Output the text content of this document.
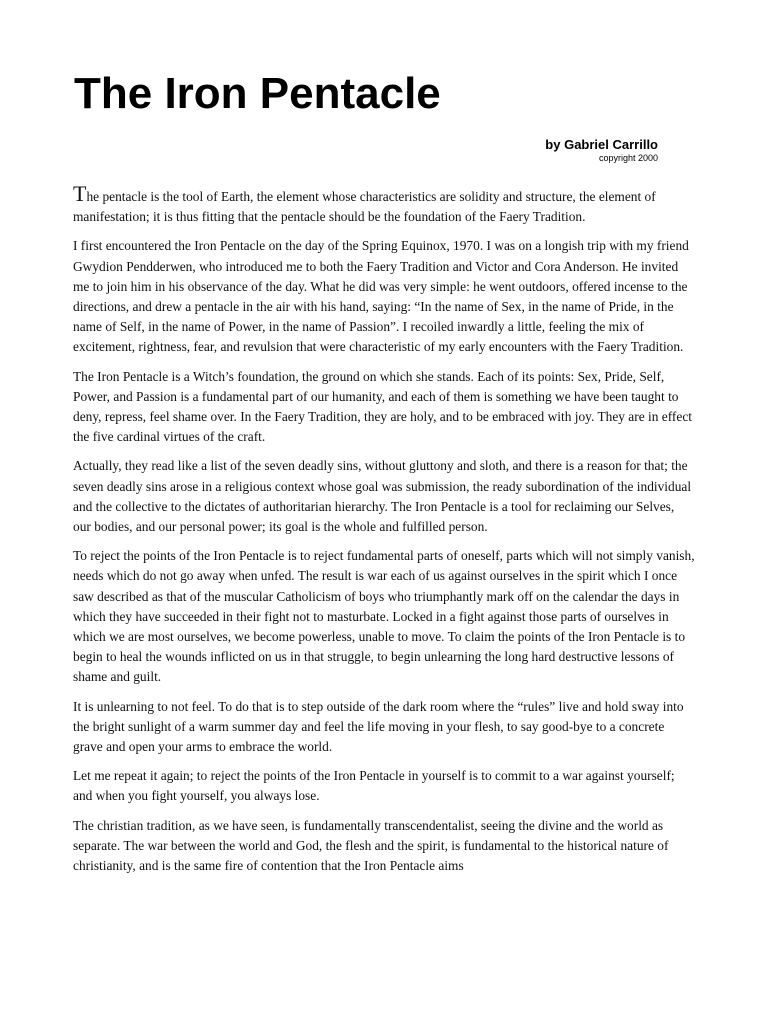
The Iron Pentacle
by Gabriel Carrillo
copyright 2000

The pentacle is the tool of Earth, the element whose characteristics are solidity and structure, the element of manifestation; it is thus fitting that the pentacle should be the foundation of the Faery Tradition.

I first encountered the Iron Pentacle on the day of the Spring Equinox, 1970. I was on a longish trip with my friend Gwydion Pendderwen, who introduced me to both the Faery Tradition and Victor and Cora Anderson. He invited me to join him in his observance of the day. What he did was very simple: he went outdoors, offered incense to the directions, and drew a pentacle in the air with his hand, saying: “In the name of Sex, in the name of Pride, in the name of Self, in the name of Power, in the name of Passion”. I recoiled inwardly a little, feeling the mix of excitement, rightness, fear, and revulsion that were characteristic of my early encounters with the Faery Tradition.

The Iron Pentacle is a Witch’s foundation, the ground on which she stands. Each of its points: Sex, Pride, Self, Power, and Passion is a fundamental part of our humanity, and each of them is something we have been taught to deny, repress, feel shame over. In the Faery Tradition, they are holy, and to be embraced with joy. They are in effect the five cardinal virtues of the craft.

Actually, they read like a list of the seven deadly sins, without gluttony and sloth, and there is a reason for that; the seven deadly sins arose in a religious context whose goal was submission, the ready subordination of the individual and the collective to the dictates of authoritarian hierarchy. The Iron Pentacle is a tool for reclaiming our Selves, our bodies, and our personal power; its goal is the whole and fulfilled person.

To reject the points of the Iron Pentacle is to reject fundamental parts of oneself, parts which will not simply vanish, needs which do not go away when unfed. The result is war each of us against ourselves in the spirit which I once saw described as that of the muscular Catholicism of boys who triumphantly mark off on the calendar the days in which they have succeeded in their fight not to masturbate. Locked in a fight against those parts of ourselves in which we are most ourselves, we become powerless, unable to move. To claim the points of the Iron Pentacle is to begin to heal the wounds inflicted on us in that struggle, to begin unlearning the long hard destructive lessons of shame and guilt.

It is unlearning to not feel. To do that is to step outside of the dark room where the “rules” live and hold sway into the bright sunlight of a warm summer day and feel the life moving in your flesh, to say good-bye to a concrete grave and open your arms to embrace the world.

Let me repeat it again; to reject the points of the Iron Pentacle in yourself is to commit to a war against yourself; and when you fight yourself, you always lose.

The christian tradition, as we have seen, is fundamentally transcendentalist, seeing the divine and the world as separate. The war between the world and God, the flesh and the spirit, is fundamental to the historical nature of christianity, and is the same fire of contention that the Iron Pentacle aims
